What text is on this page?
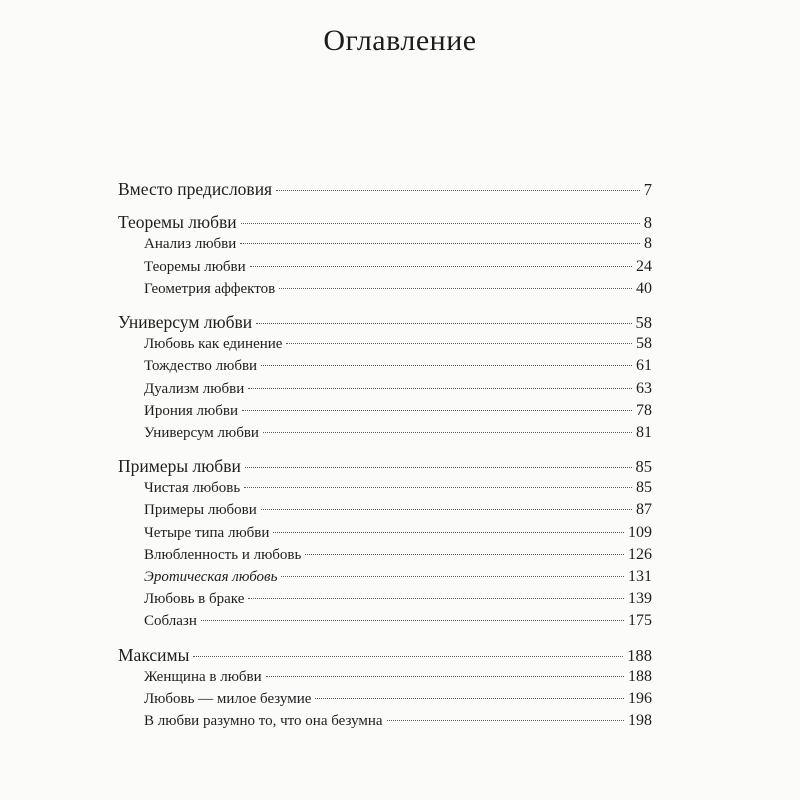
Оглавление
Вместо предисловия	7
Теоремы любви	8
Анализ любви	8
Теоремы любви	24
Геометрия аффектов	40
Универсум любви	58
Любовь как единение	58
Тождество любви	61
Дуализм любви	63
Ирония любви	78
Универсум любви	81
Примеры любви	85
Чистая любовь	85
Примеры любови	87
Четыре типа любви	109
Влюбленность и любовь	126
Эротическая любовь	131
Любовь в браке	139
Соблазн	175
Максимы	188
Женщина в любви	188
Любовь — милое безумие	196
В любви разумно то, что она безумна	198
